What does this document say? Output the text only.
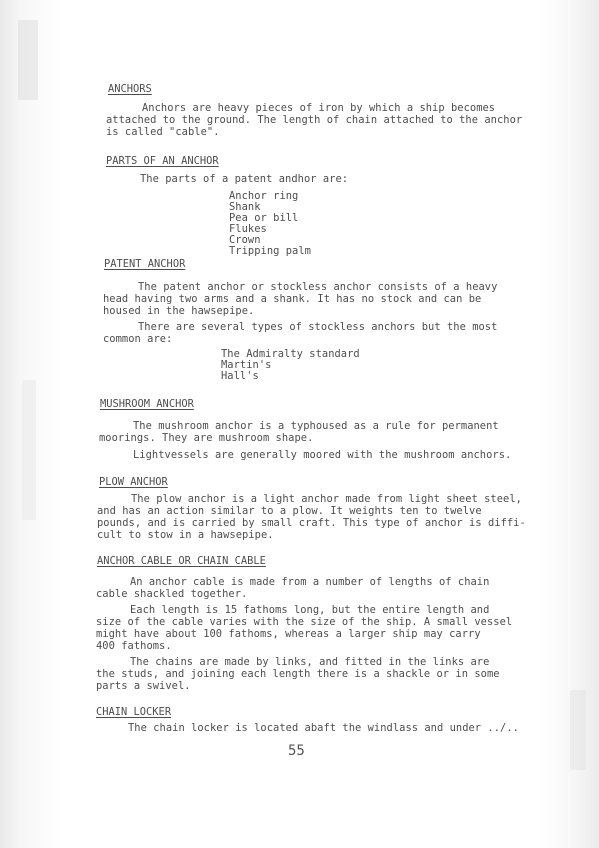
ANCHORS
Anchors are heavy pieces of iron by which a ship becomes
attached to the ground. The length of chain attached to the anchor
is called "cable".
PARTS OF AN ANCHOR
The parts of a patent andhor are:
Anchor ring
Shank
Pea or bill
Flukes
Crown
Tripping palm
PATENT ANCHOR
The patent anchor or stockless anchor consists of a heavy
head having two arms and a shank. It has no stock and can be
housed in the hawsepipe.
There are several types of stockless anchors but the most
common are:
The Admiralty standard
Martin's
Hall's
MUSHROOM ANCHOR
The mushroom anchor is a typhoused as a rule for permanent
moorings. They are mushroom shape.
Lightvessels are generally moored with the mushroom anchors.
PLOW ANCHOR
The plow anchor is a light anchor made from light sheet steel,
and has an action similar to a plow. It weights ten to twelve
pounds, and is carried by small craft. This type of anchor is diffi-
cult to stow in a hawsepipe.
ANCHOR CABLE OR CHAIN CABLE
An anchor cable is made from a number of lengths of chain
cable shackled together.
Each length is 15 fathoms long, but the entire length and
size of the cable varies with the size of the ship. A small vessel
might have about 100 fathoms, whereas a larger ship may carry
400 fathoms.
The chains are made by links, and fitted in the links are
the studs, and joining each length there is a shackle or in some
parts a swivel.
CHAIN LOCKER
The chain locker is located abaft the windlass and under ../..
55
